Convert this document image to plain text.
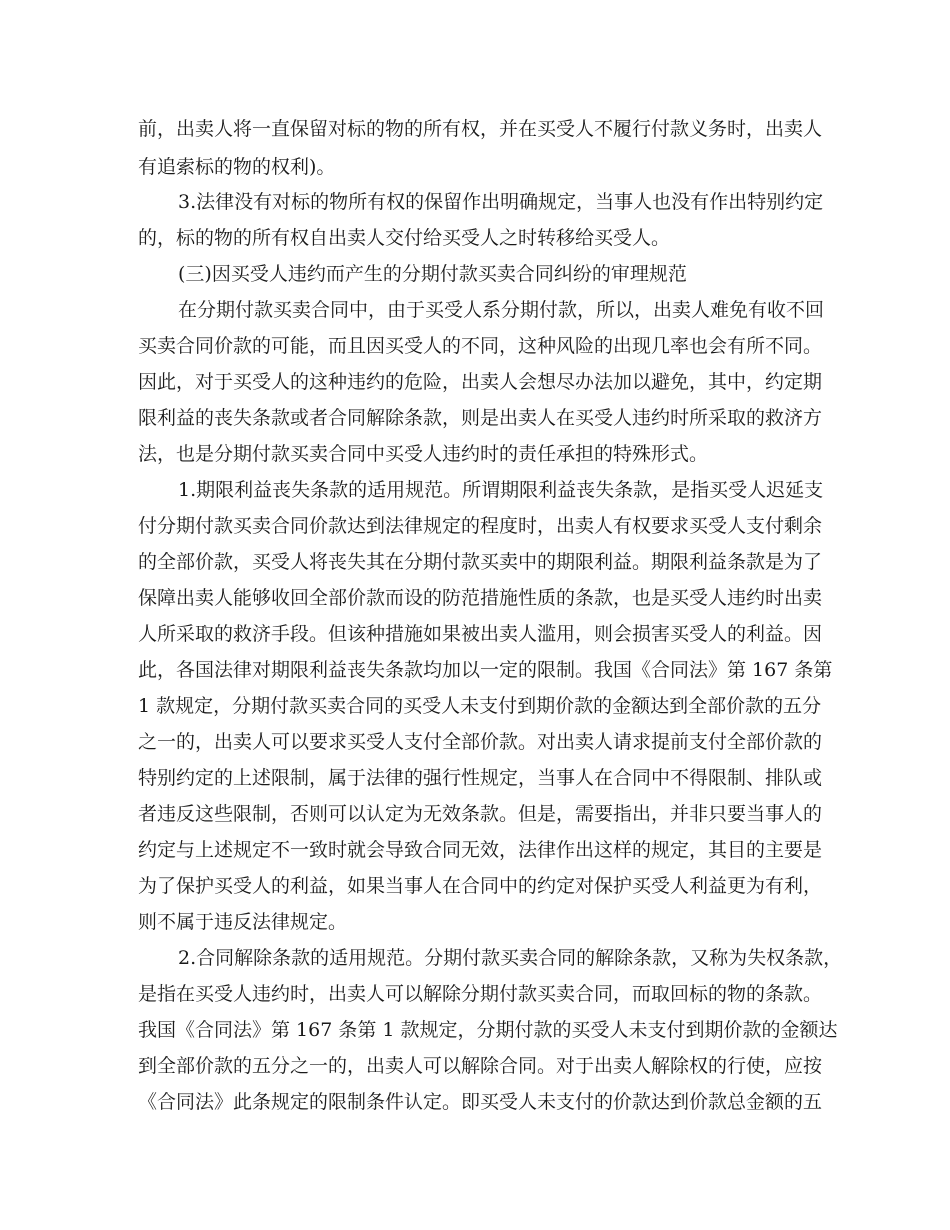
前，出卖人将一直保留对标的物的所有权，并在买受人不履行付款义务时，出卖人
有追索标的物的权利)。
3.法律没有对标的物所有权的保留作出明确规定，当事人也没有作出特别约定
的，标的物的所有权自出卖人交付给买受人之时转移给买受人。
(三)因买受人违约而产生的分期付款买卖合同纠纷的审理规范
在分期付款买卖合同中，由于买受人系分期付款，所以，出卖人难免有收不回
买卖合同价款的可能，而且因买受人的不同，这种风险的出现几率也会有所不同。
因此，对于买受人的这种违约的危险，出卖人会想尽办法加以避免，其中，约定期
限利益的丧失条款或者合同解除条款，则是出卖人在买受人违约时所采取的救济方
法，也是分期付款买卖合同中买受人违约时的责任承担的特殊形式。
1.期限利益丧失条款的适用规范。所谓期限利益丧失条款，是指买受人迟延支
付分期付款买卖合同价款达到法律规定的程度时，出卖人有权要求买受人支付剩余
的全部价款，买受人将丧失其在分期付款买卖中的期限利益。期限利益条款是为了
保障出卖人能够收回全部价款而设的防范措施性质的条款，也是买受人违约时出卖
人所采取的救济手段。但该种措施如果被出卖人滥用，则会损害买受人的利益。因
此，各国法律对期限利益丧失条款均加以一定的限制。我国《合同法》第 167 条第
1 款规定，分期付款买卖合同的买受人未支付到期价款的金额达到全部价款的五分
之一的，出卖人可以要求买受人支付全部价款。对出卖人请求提前支付全部价款的
特别约定的上述限制，属于法律的强行性规定，当事人在合同中不得限制、排队或
者违反这些限制，否则可以认定为无效条款。但是，需要指出，并非只要当事人的
约定与上述规定不一致时就会导致合同无效，法律作出这样的规定，其目的主要是
为了保护买受人的利益，如果当事人在合同中的约定对保护买受人利益更为有利，
则不属于违反法律规定。
2.合同解除条款的适用规范。分期付款买卖合同的解除条款，又称为失权条款，
是指在买受人违约时，出卖人可以解除分期付款买卖合同，而取回标的物的条款。
我国《合同法》第 167 条第 1 款规定，分期付款的买受人未支付到期价款的金额达
到全部价款的五分之一的，出卖人可以解除合同。对于出卖人解除权的行使，应按
《合同法》此条规定的限制条件认定。即买受人未支付的价款达到价款总金额的五
